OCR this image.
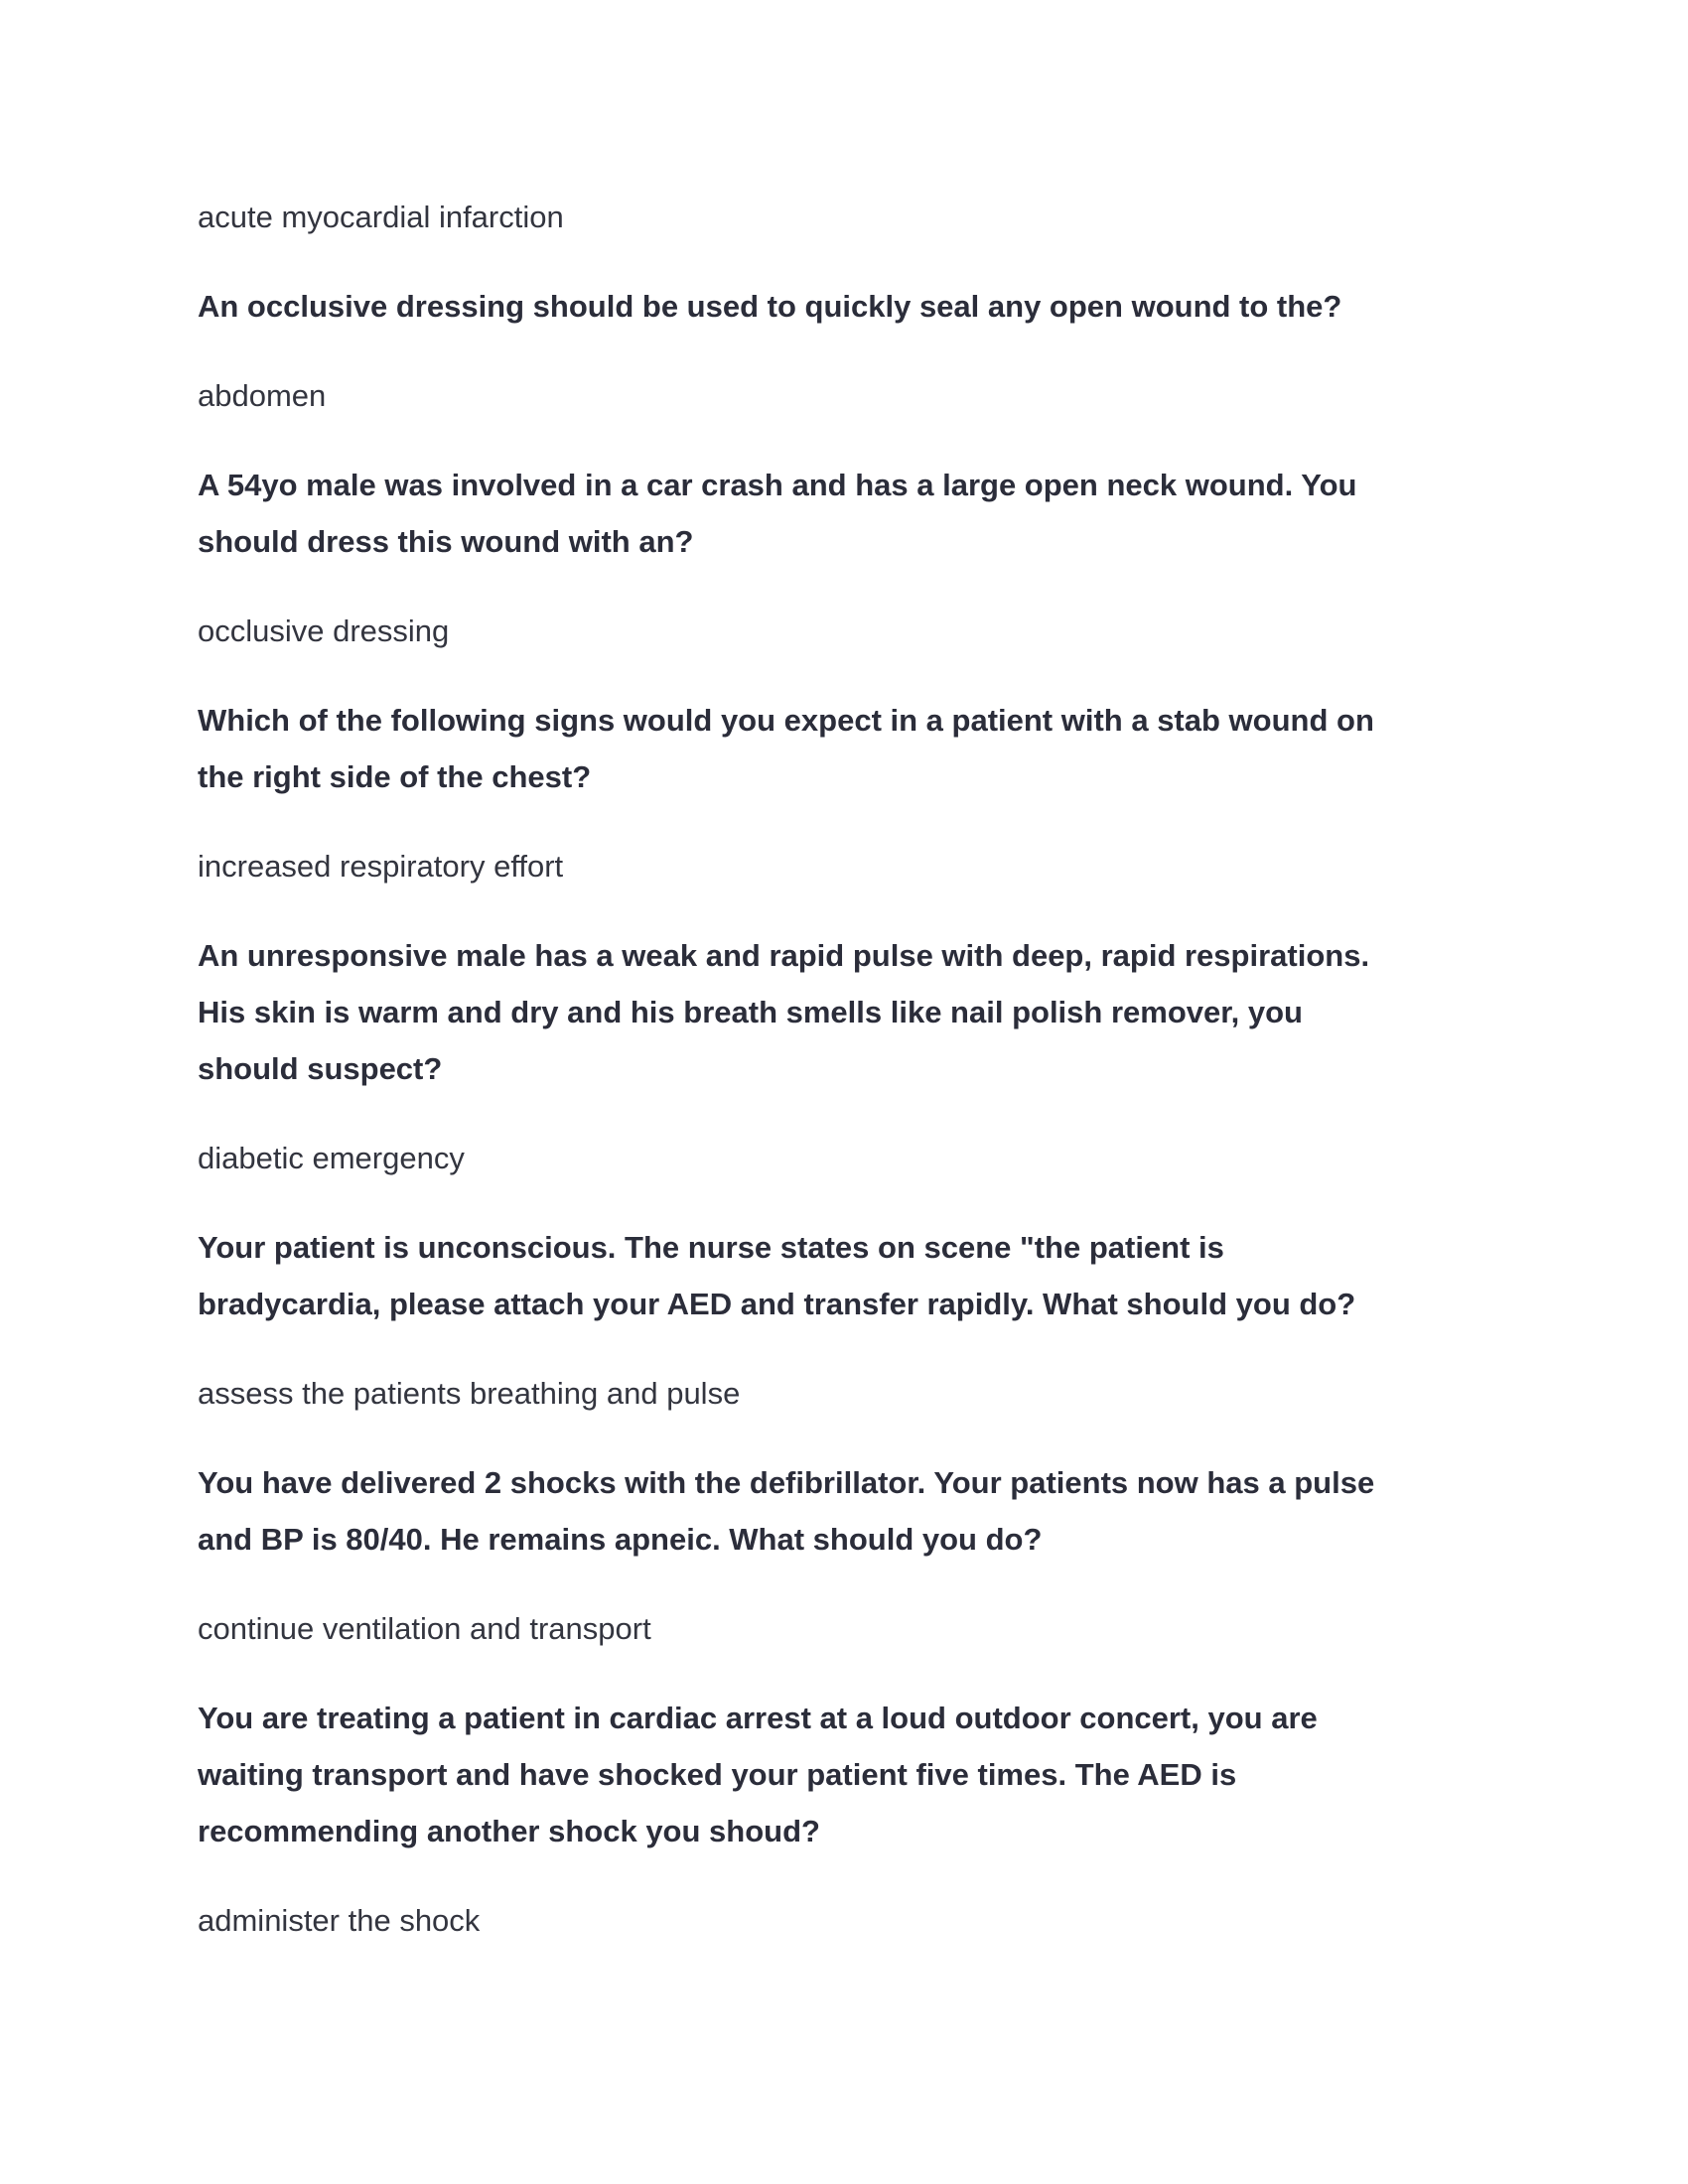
acute myocardial infarction

An occlusive dressing should be used to quickly seal any open wound to the?

abdomen

A 54yo male was involved in a car crash and has a large open neck wound. You
should dress this wound with an?

occlusive dressing

Which of the following signs would you expect in a patient with a stab wound on
the right side of the chest?

increased respiratory effort

An unresponsive male has a weak and rapid pulse with deep, rapid respirations.
His skin is warm and dry and his breath smells like nail polish remover, you
should suspect?

diabetic emergency

Your patient is unconscious. The nurse states on scene "the patient is
bradycardia, please attach your AED and transfer rapidly. What should you do?

assess the patients breathing and pulse

You have delivered 2 shocks with the defibrillator. Your patients now has a pulse
and BP is 80/40. He remains apneic. What should you do?

continue ventilation and transport

You are treating a patient in cardiac arrest at a loud outdoor concert, you are
waiting transport and have shocked your patient five times. The AED is
recommending another shock you shoud?

administer the shock
